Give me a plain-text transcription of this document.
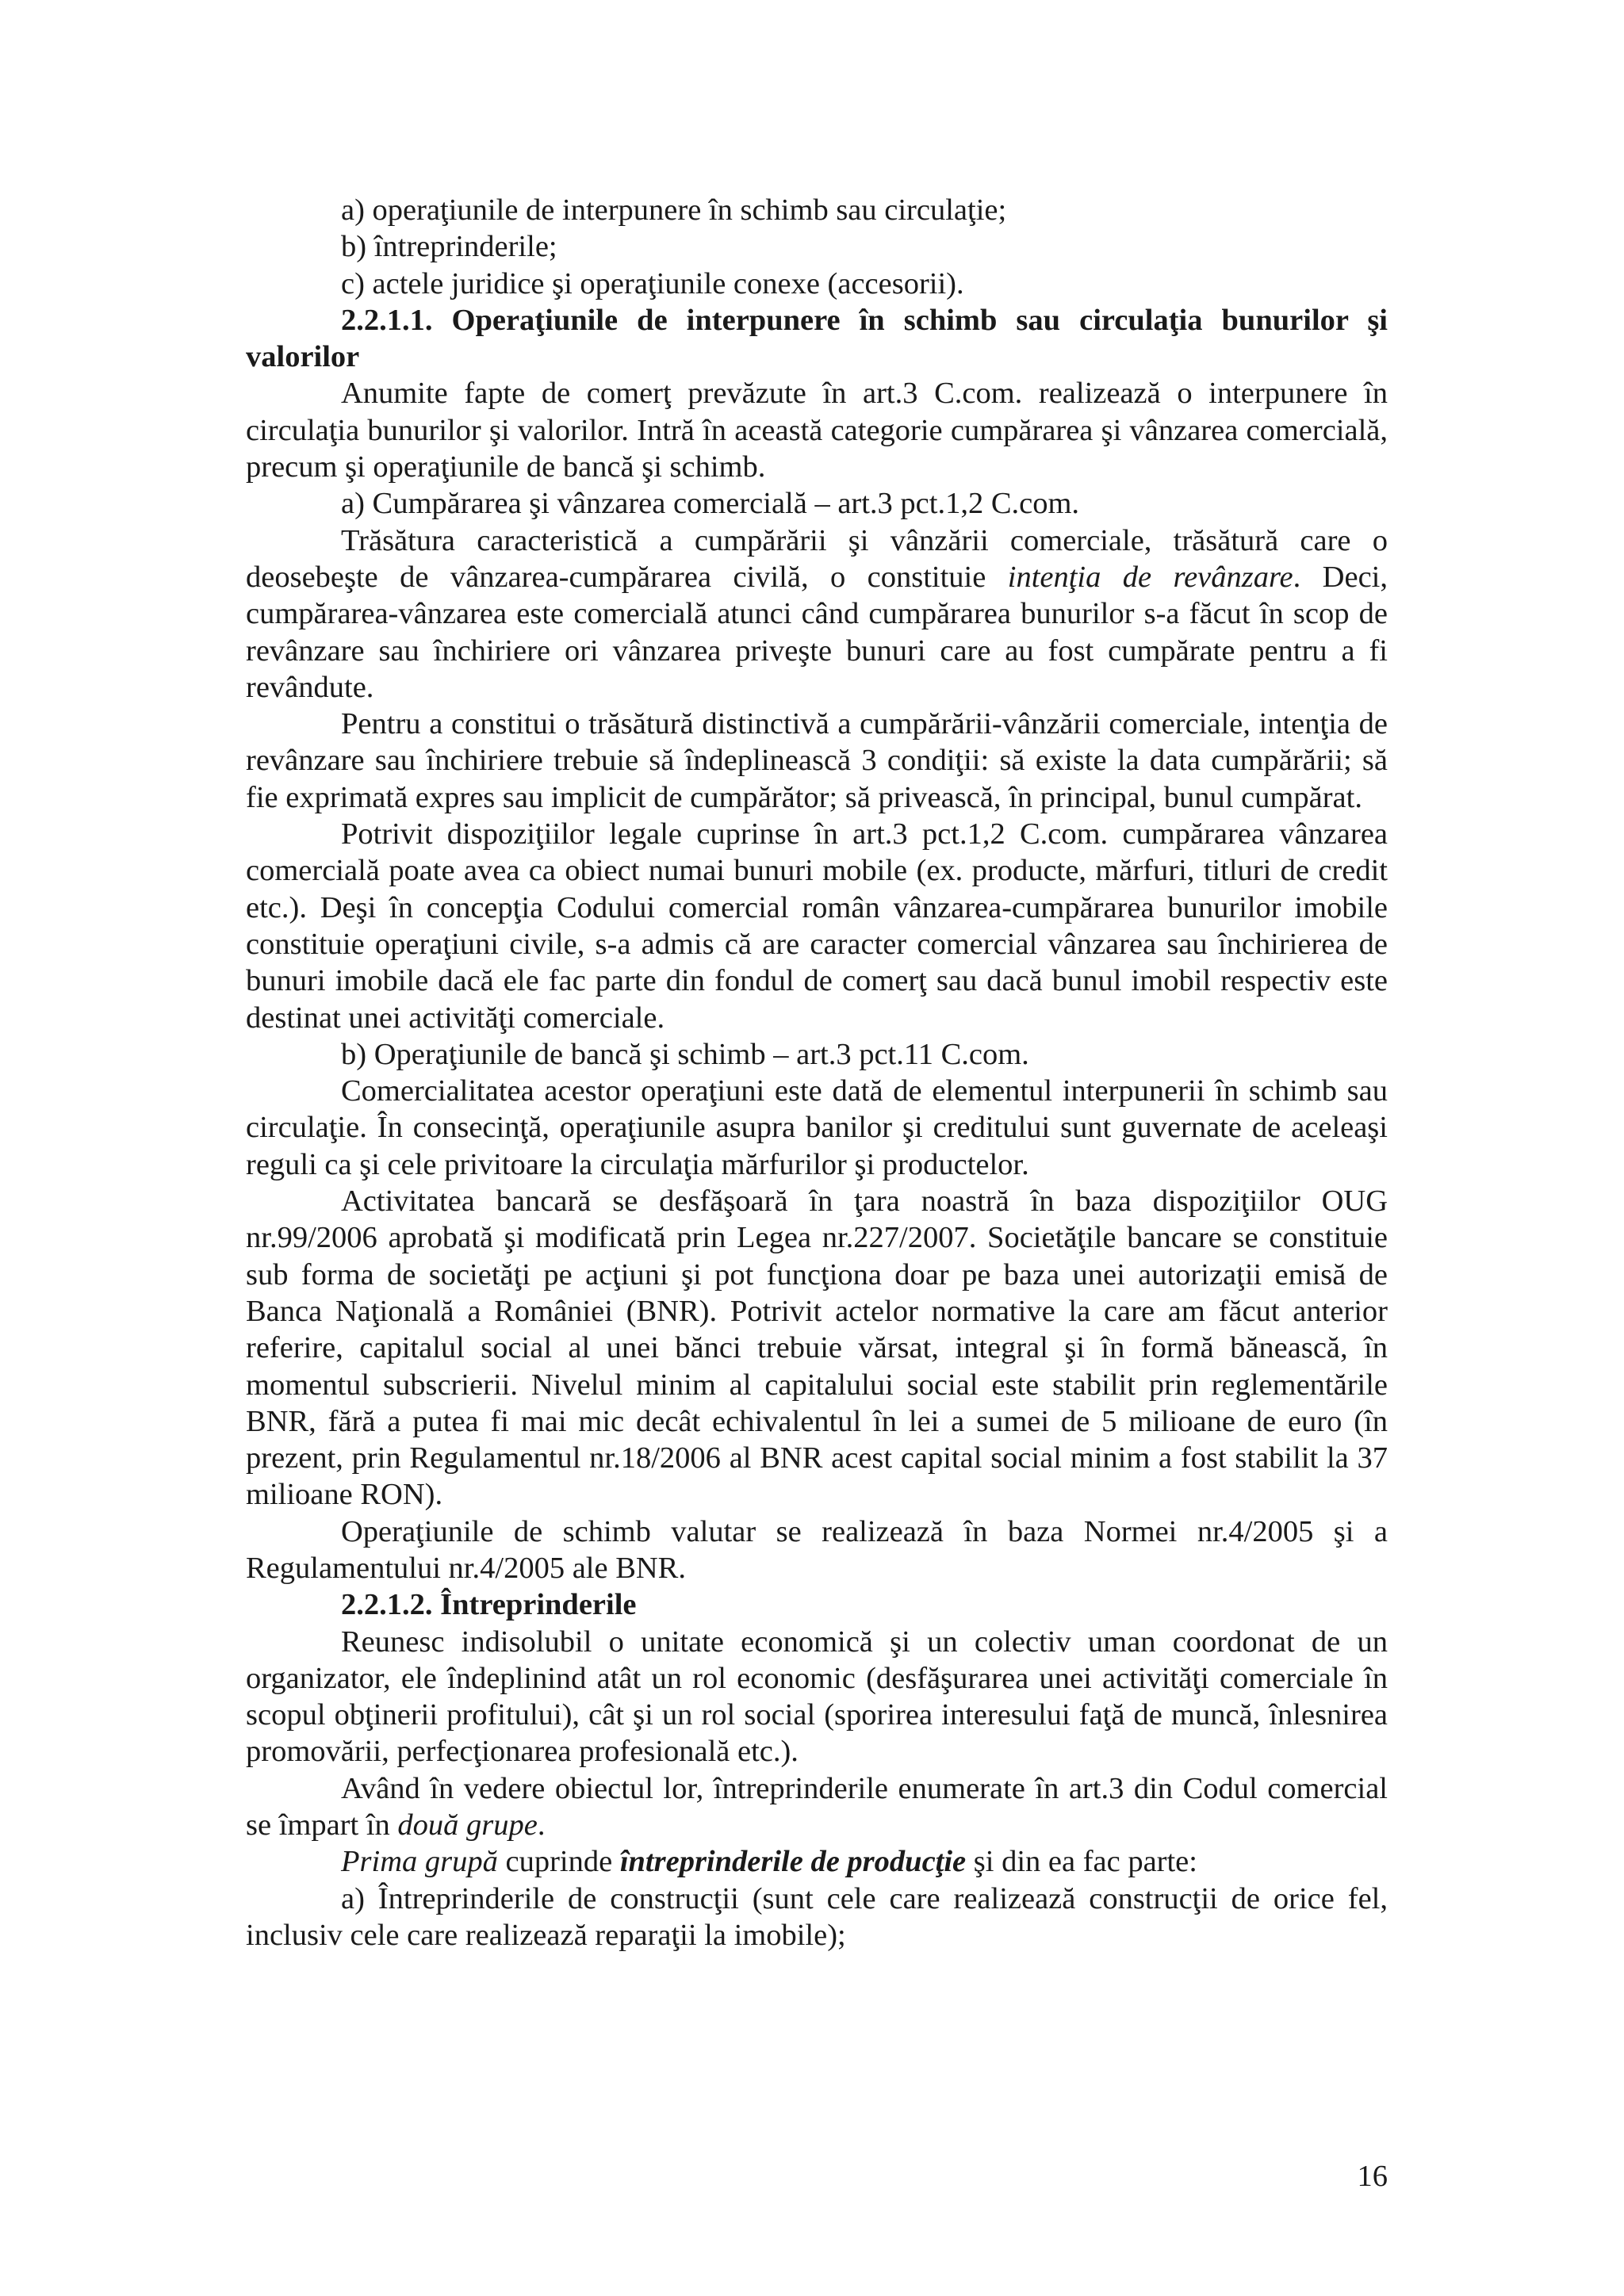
a) operaţiunile de interpunere în schimb sau circulaţie;

b) întreprinderile;

c) actele juridice şi operaţiunile conexe (accesorii).

2.2.1.1. Operaţiunile de interpunere în schimb sau circulaţia bunurilor şi valorilor

Anumite fapte de comerţ prevăzute în art.3 C.com. realizează o interpunere în circulaţia bunurilor şi valorilor. Intră în această categorie cumpărarea şi vânzarea comercială, precum şi operaţiunile de bancă şi schimb.

a) Cumpărarea şi vânzarea comercială – art.3 pct.1,2 C.com.

Trăsătura caracteristică a cumpărării şi vânzării comerciale, trăsătură care o deosebeşte de vânzarea-cumpărarea civilă, o constituie intenţia de revânzare. Deci, cumpărarea-vânzarea este comercială atunci când cumpărarea bunurilor s-a făcut în scop de revânzare sau închiriere ori vânzarea priveşte bunuri care au fost cumpărate pentru a fi revândute.

Pentru a constitui o trăsătură distinctivă a cumpărării-vânzării comerciale, intenţia de revânzare sau închiriere trebuie să îndeplinească 3 condiţii: să existe la data cumpărării; să fie exprimată expres sau implicit de cumpărător; să privească, în principal, bunul cumpărat.

Potrivit dispoziţiilor legale cuprinse în art.3 pct.1,2 C.com. cumpărarea vânzarea comercială poate avea ca obiect numai bunuri mobile (ex. producte, mărfuri, titluri de credit etc.). Deşi în concepţia Codului comercial român vânzarea-cumpărarea bunurilor imobile constituie operaţiuni civile, s-a admis că are caracter comercial vânzarea sau închirierea de bunuri imobile dacă ele fac parte din fondul de comerţ sau dacă bunul imobil respectiv este destinat unei activităţi comerciale.

b) Operaţiunile de bancă şi schimb – art.3 pct.11 C.com.

Comercialitatea acestor operaţiuni este dată de elementul interpunerii în schimb sau circulaţie. În consecinţă, operaţiunile asupra banilor şi creditului sunt guvernate de aceleaşi reguli ca şi cele privitoare la circulaţia mărfurilor şi productelor.

Activitatea bancară se desfăşoară în ţara noastră în baza dispoziţiilor OUG nr.99/2006 aprobată şi modificată prin Legea nr.227/2007. Societăţile bancare se constituie sub forma de societăţi pe acţiuni şi pot funcţiona doar pe baza unei autorizaţii emisă de Banca Naţională a României (BNR). Potrivit actelor normative la care am făcut anterior referire, capitalul social al unei bănci trebuie vărsat, integral şi în formă bănească, în momentul subscrierii. Nivelul minim al capitalului social este stabilit prin reglementările BNR, fără a putea fi mai mic decât echivalentul în lei a sumei de 5 milioane de euro (în prezent, prin Regulamentul nr.18/2006 al BNR acest capital social minim a fost stabilit la 37 milioane RON).

Operaţiunile de schimb valutar se realizează în baza Normei nr.4/2005 şi a Regulamentului nr.4/2005 ale BNR.

2.2.1.2. Întreprinderile

Reunesc indisolubil o unitate economică şi un colectiv uman coordonat de un organizator, ele îndeplinind atât un rol economic (desfăşurarea unei activităţi comerciale în scopul obţinerii profitului), cât şi un rol social (sporirea interesului faţă de muncă, înlesnirea promovării, perfecţionarea profesională etc.).

Având în vedere obiectul lor, întreprinderile enumerate în art.3 din Codul comercial se împart în două grupe.

Prima grupă cuprinde întreprinderile de producţie şi din ea fac parte:

a) Întreprinderile de construcţii (sunt cele care realizează construcţii de orice fel, inclusiv cele care realizează reparaţii la imobile);

16
